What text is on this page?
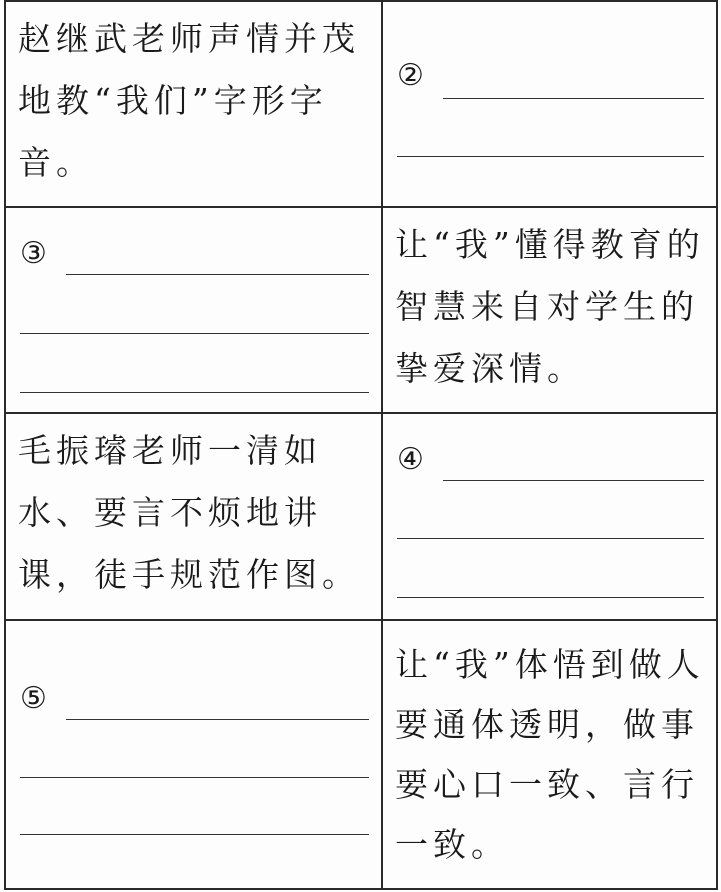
赵继武老师声情并茂地教“我们”字形字音。	②

③	让“我”懂得教育的智慧来自对学生的挚爱深情。

毛振璿老师一清如水、要言不烦地讲课，徒手规范作图。	④

⑤	让“我”体悟到做人要通体透明，做事要心口一致、言行一致。
